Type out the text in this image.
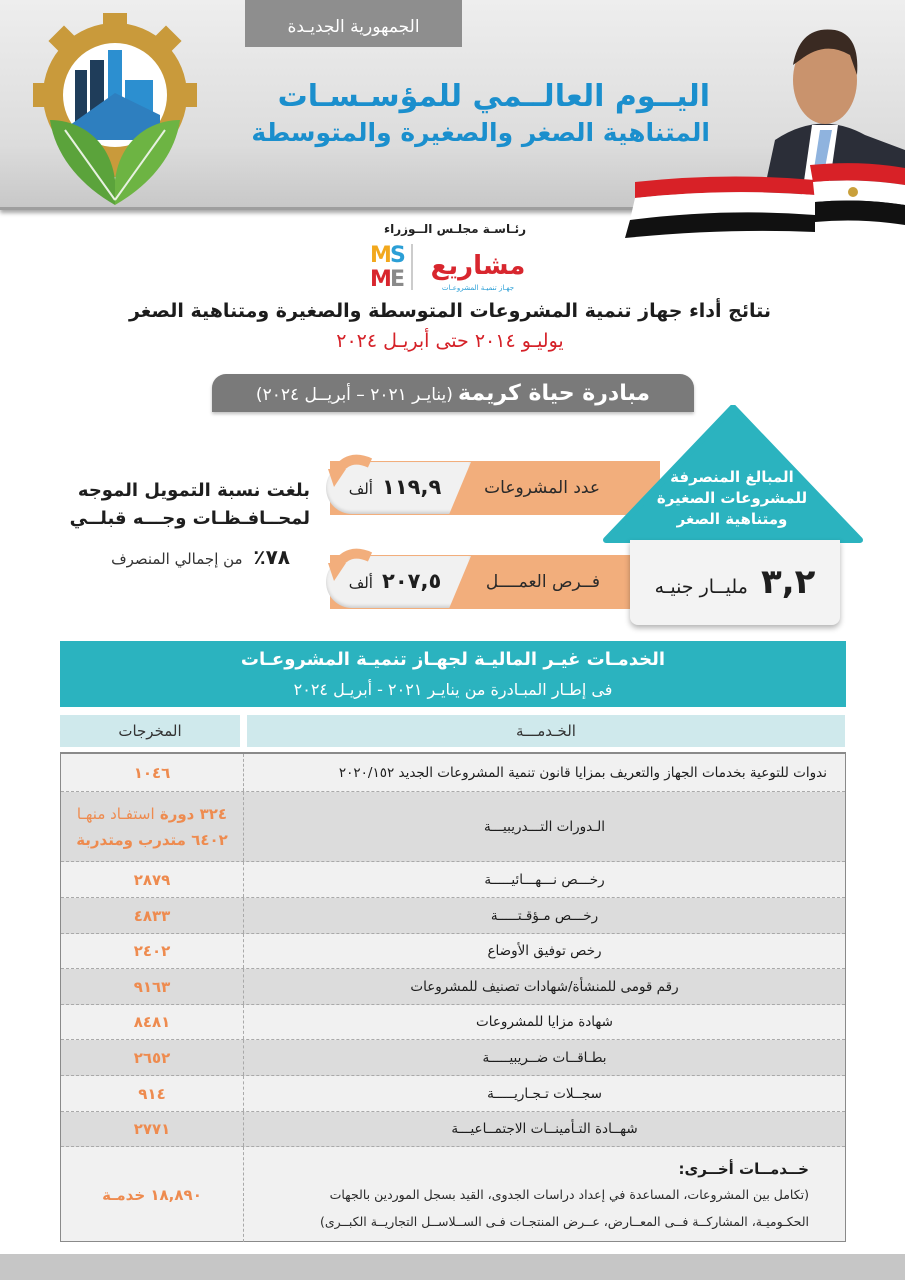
الجمهورية الجديـدة
اليــوم العالــمي للمؤسـسـات
المتناهية الصغر والصغيرة والمتوسطة
رئـاسـة مجلـس الــوزراء
M
S
M
E مشاريع
جهـاز تنميـة المشروعـات
نتائج أداء جهاز تنمية المشروعات المتوسطة والصغيرة ومتناهية الصغر
يوليـو ٢٠١٤ حتى أبريـل ٢٠٢٤
مبادرة حياة كريمة (ينايـر ٢٠٢١ – أبريــل ٢٠٢٤)
بلغت نسبة التمويل الموجه
لمحــافـظـات وجـــه قبلــي
٧٨٪ من إجمالي المنصرف
عدد المشروعات
١١٩,٩ ألف
فــرص العمــــل
٢٠٧,٥ ألف
المبالغ المنصرفة
للمشروعات الصغيرة
ومتناهية الصغر
٣,٢ مليــار جنيـه
الخدمـات غيـر الماليـة لجهـاز تنميـة المشروعـات
فى إطـار المبـادرة من ينايـر ٢٠٢١ - أبريـل ٢٠٢٤
الخـدمـــة
المخرجات
ندوات للتوعية بخدمات الجهاز والتعريف بمزايا قانون تنمية المشروعات الجديد ٢٠٢٠/١٥٢
١٠٤٦
الـدورات التـــدريبيـــة
٣٢٤ دورة استفـاد منهـا
٦٤٠٢ متدرب ومتدربة
رخـــص نـــهـــائيـــــة
٢٨٧٩
رخـــص مـؤقـتـــــة
٤٨٣٣
رخص توفيق الأوضاع
٢٤٠٢
رقم قومى للمنشأة/شهادات تصنيف للمشروعات
٩١٦٣
شهادة مزايا للمشروعات
٨٤٨١
بطـاقــات ضــريبيـــــة
٢٦٥٢
سجــلات تـجـاريـــــة
٩١٤
شهــادة التـأمينــات الاجتمــاعيـــة
٢٧٧١
خــدمــات أخــرى:
(تكامل بين المشروعات، المساعدة في إعداد دراسات الجدوى، القيد بسجل الموردين بالجهات
الحكـوميـة، المشاركــة فــى المعــارض، عــرض المنتجـات فـى الســلاســل التجاريــة الكبــرى)
١٨,٨٩٠ خدمـة
